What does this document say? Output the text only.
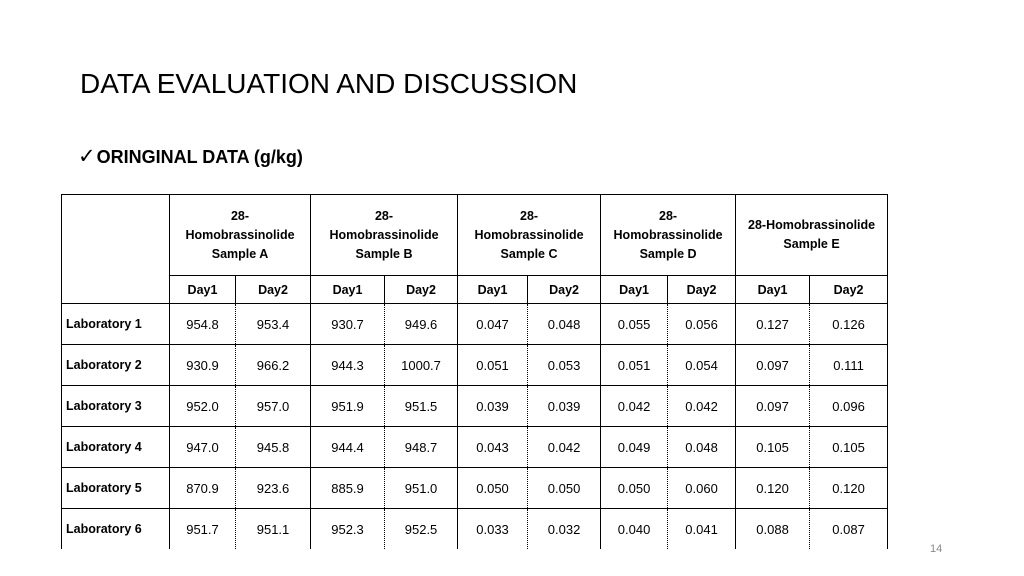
DATA EVALUATION AND DISCUSSION
✓ORINGINAL DATA (g/kg)
	28-
Homobrassinolide
Sample A		28-
Homobrassinolide
Sample B		28-
Homobrassinolide
Sample C		28-
Homobrassinolide
Sample D		28-Homobrassinolide
Sample E	
	Day1	Day2	Day1	Day2	Day1	Day2	Day1	Day2	Day1	Day2
Laboratory 1	954.8	953.4	930.7	949.6	0.047	0.048	0.055	0.056	0.127	0.126
Laboratory 2	930.9	966.2	944.3	1000.7	0.051	0.053	0.051	0.054	0.097	0.111
Laboratory 3	952.0	957.0	951.9	951.5	0.039	0.039	0.042	0.042	0.097	0.096
Laboratory 4	947.0	945.8	944.4	948.7	0.043	0.042	0.049	0.048	0.105	0.105
Laboratory 5	870.9	923.6	885.9	951.0	0.050	0.050	0.050	0.060	0.120	0.120
Laboratory 6	951.7	951.1	952.3	952.5	0.033	0.032	0.040	0.041	0.088	0.087
14
